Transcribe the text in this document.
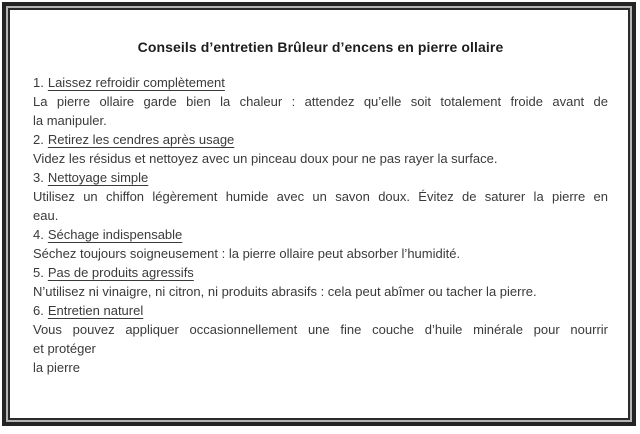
Conseils d’entretien Brûleur d’encens en pierre ollaire

1. Laissez refroidir complètement

La pierre ollaire garde bien la chaleur : attendez qu’elle soit totalement froide avant de

la manipuler.

2. Retirez les cendres après usage

Videz les résidus et nettoyez avec un pinceau doux pour ne pas rayer la surface.

3. Nettoyage simple

Utilisez un chiffon légèrement humide avec un savon doux. Évitez de saturer la pierre en

eau.

4. Séchage indispensable

Séchez toujours soigneusement : la pierre ollaire peut absorber l’humidité.

5. Pas de produits agressifs

N’utilisez ni vinaigre, ni citron, ni produits abrasifs : cela peut abîmer ou tacher la pierre.

6. Entretien naturel

Vous pouvez appliquer occasionnellement une fine couche d’huile minérale pour nourrir

et protéger

la pierre
